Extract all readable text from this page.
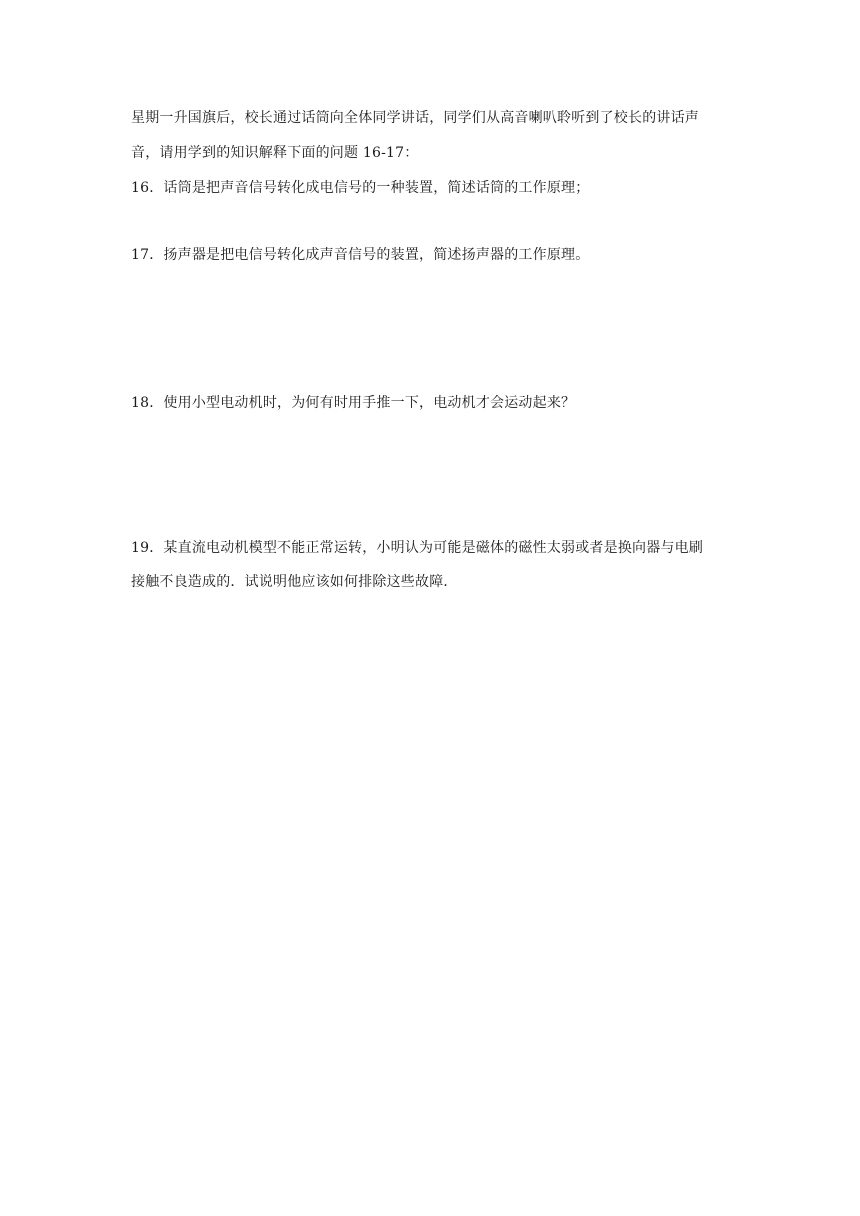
星期一升国旗后，校长通过话筒向全体同学讲话，同学们从高音喇叭聆听到了校长的讲话声
音，请用学到的知识解释下面的问题 16-17：
16．话筒是把声音信号转化成电信号的一种装置，简述话筒的工作原理；
17．扬声器是把电信号转化成声音信号的装置，简述扬声器的工作原理。
18．使用小型电动机时，为何有时用手推一下，电动机才会运动起来？
19．某直流电动机模型不能正常运转，小明认为可能是磁体的磁性太弱或者是换向器与电刷
接触不良造成的．试说明他应该如何排除这些故障．
